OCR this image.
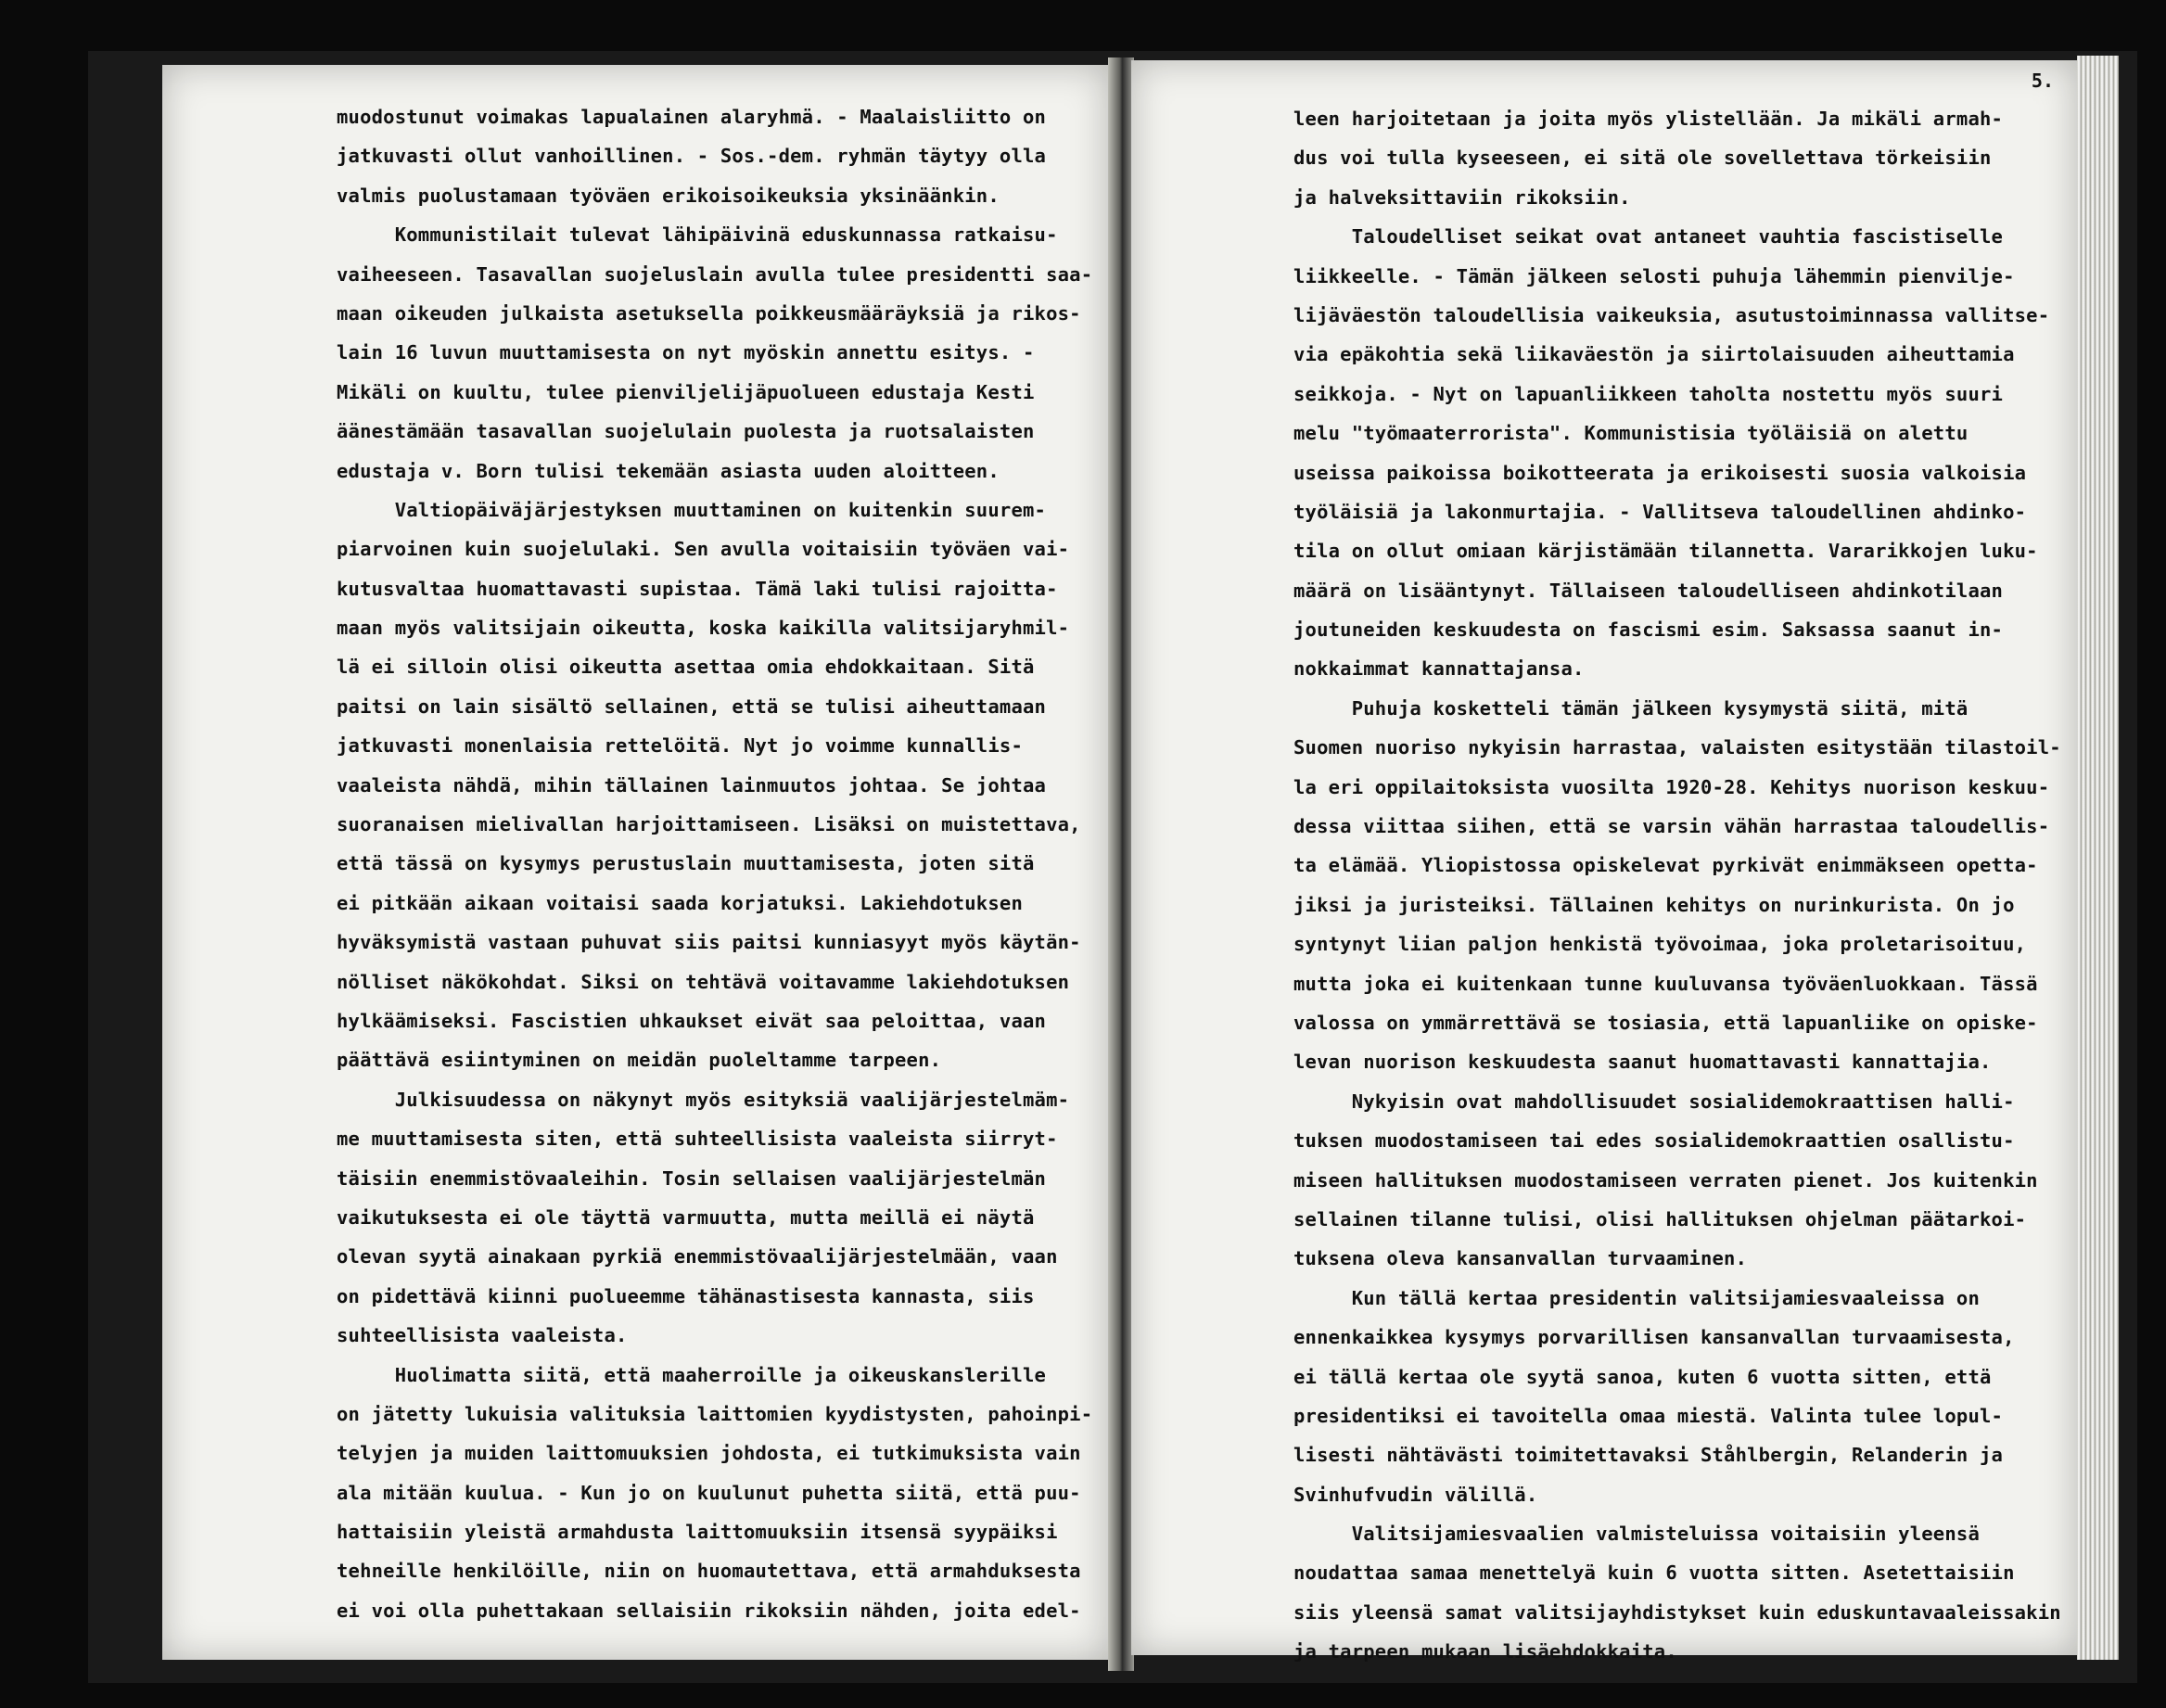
muodostunut voimakas lapualainen alaryhmä. - Maalaisliitto on
jatkuvasti ollut vanhoillinen. - Sos.-dem. ryhmän täytyy olla
valmis puolustamaan työväen erikoisoikeuksia yksinäänkin.
Kommunistilait tulevat lähipäivinä eduskunnassa ratkaisu-
vaiheeseen. Tasavallan suojeluslain avulla tulee presidentti saa-
maan oikeuden julkaista asetuksella poikkeusmääräyksiä ja rikos-
lain 16 luvun muuttamisesta on nyt myöskin annettu esitys. -
Mikäli on kuultu, tulee pienviljelijäpuolueen edustaja Kesti
äänestämään tasavallan suojelulain puolesta ja ruotsalaisten
edustaja v. Born tulisi tekemään asiasta uuden aloitteen.
Valtiopäiväjärjestyksen muuttaminen on kuitenkin suurem-
piarvoinen kuin suojelulaki. Sen avulla voitaisiin työväen vai-
kutusvaltaa huomattavasti supistaa. Tämä laki tulisi rajoitta-
maan myös valitsijain oikeutta, koska kaikilla valitsijaryhmil-
lä ei silloin olisi oikeutta asettaa omia ehdokkaitaan. Sitä
paitsi on lain sisältö sellainen, että se tulisi aiheuttamaan
jatkuvasti monenlaisia rettelöitä. Nyt jo voimme kunnallis-
vaaleista nähdä, mihin tällainen lainmuutos johtaa. Se johtaa
suoranaisen mielivallan harjoittamiseen. Lisäksi on muistettava,
että tässä on kysymys perustuslain muuttamisesta, joten sitä
ei pitkään aikaan voitaisi saada korjatuksi. Lakiehdotuksen
hyväksymistä vastaan puhuvat siis paitsi kunniasyyt myös käytän-
nölliset näkökohdat. Siksi on tehtävä voitavamme lakiehdotuksen
hylkäämiseksi. Fascistien uhkaukset eivät saa peloittaa, vaan
päättävä esiintyminen on meidän puoleltamme tarpeen.
Julkisuudessa on näkynyt myös esityksiä vaalijärjestelmäm-
me muuttamisesta siten, että suhteellisista vaaleista siirryt-
täisiin enemmistövaaleihin. Tosin sellaisen vaalijärjestelmän
vaikutuksesta ei ole täyttä varmuutta, mutta meillä ei näytä
olevan syytä ainakaan pyrkiä enemmistövaalijärjestelmään, vaan
on pidettävä kiinni puolueemme tähänastisesta kannasta, siis
suhteellisista vaaleista.
Huolimatta siitä, että maaherroille ja oikeuskanslerille
on jätetty lukuisia valituksia laittomien kyydistysten, pahoinpi-
telyjen ja muiden laittomuuksien johdosta, ei tutkimuksista vain
ala mitään kuulua. - Kun jo on kuulunut puhetta siitä, että puu-
hattaisiin yleistä armahdusta laittomuuksiin itsensä syypäiksi
tehneille henkilöille, niin on huomautettava, että armahduksesta
ei voi olla puhettakaan sellaisiin rikoksiin nähden, joita edel-
5.
leen harjoitetaan ja joita myös ylistellään. Ja mikäli armah-
dus voi tulla kyseeseen, ei sitä ole sovellettava törkeisiin
ja halveksittaviin rikoksiin.
Taloudelliset seikat ovat antaneet vauhtia fascistiselle
liikkeelle. - Tämän jälkeen selosti puhuja lähemmin pienvilje-
lijäväestön taloudellisia vaikeuksia, asutustoiminnassa vallitse-
via epäkohtia sekä liikaväestön ja siirtolaisuuden aiheuttamia
seikkoja. - Nyt on lapuanliikkeen taholta nostettu myös suuri
melu "työmaaterrorista". Kommunistisia työläisiä on alettu
useissa paikoissa boikotteerata ja erikoisesti suosia valkoisia
työläisiä ja lakonmurtajia. - Vallitseva taloudellinen ahdinko-
tila on ollut omiaan kärjistämään tilannetta. Vararikkojen luku-
määrä on lisääntynyt. Tällaiseen taloudelliseen ahdinkotilaan
joutuneiden keskuudesta on fascismi esim. Saksassa saanut in-
nokkaimmat kannattajansa.
Puhuja kosketteli tämän jälkeen kysymystä siitä, mitä
Suomen nuoriso nykyisin harrastaa, valaisten esitystään tilastoil-
la eri oppilaitoksista vuosilta 1920-28. Kehitys nuorison keskuu-
dessa viittaa siihen, että se varsin vähän harrastaa taloudellis-
ta elämää. Yliopistossa opiskelevat pyrkivät enimmäkseen opetta-
jiksi ja juristeiksi. Tällainen kehitys on nurinkurista. On jo
syntynyt liian paljon henkistä työvoimaa, joka proletarisoituu,
mutta joka ei kuitenkaan tunne kuuluvansa työväenluokkaan. Tässä
valossa on ymmärrettävä se tosiasia, että lapuanliike on opiske-
levan nuorison keskuudesta saanut huomattavasti kannattajia.
Nykyisin ovat mahdollisuudet sosialidemokraattisen halli-
tuksen muodostamiseen tai edes sosialidemokraattien osallistu-
miseen hallituksen muodostamiseen verraten pienet. Jos kuitenkin
sellainen tilanne tulisi, olisi hallituksen ohjelman päätarkoi-
tuksena oleva kansanvallan turvaaminen.
Kun tällä kertaa presidentin valitsijamiesvaaleissa on
ennenkaikkea kysymys porvarillisen kansanvallan turvaamisesta,
ei tällä kertaa ole syytä sanoa, kuten 6 vuotta sitten, että
presidentiksi ei tavoitella omaa miestä. Valinta tulee lopul-
lisesti nähtävästi toimitettavaksi Ståhlbergin, Relanderin ja
Svinhufvudin välillä.
Valitsijamiesvaalien valmisteluissa voitaisiin yleensä
noudattaa samaa menettelyä kuin 6 vuotta sitten. Asetettaisiin
siis yleensä samat valitsijayhdistykset kuin eduskuntavaaleissakin
ja tarpeen mukaan lisäehdokkaita.
